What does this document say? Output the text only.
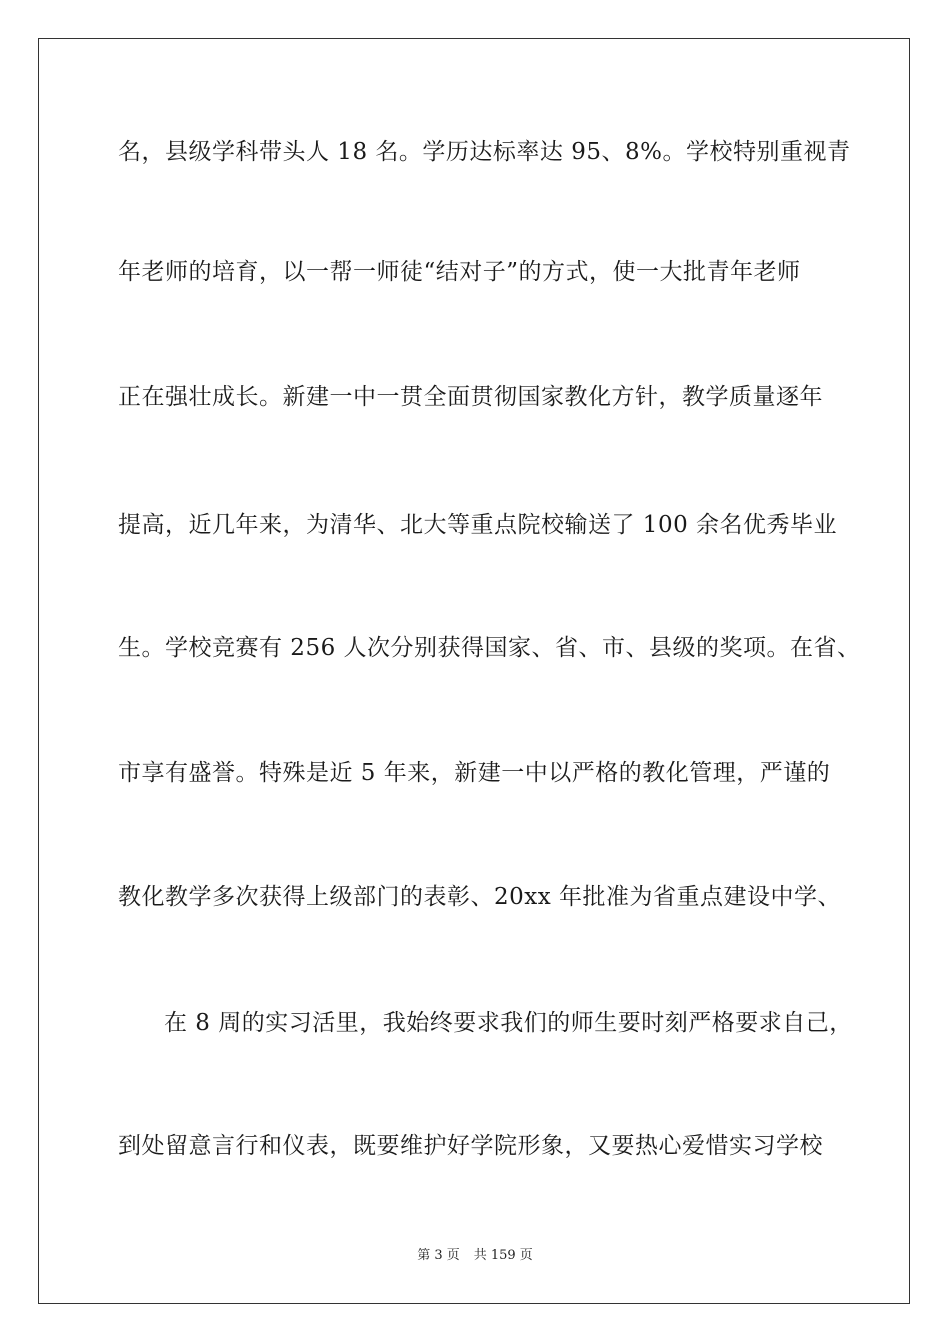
名，县级学科带头人 18 名。学历达标率达 95、8%。学校特别重视青
年老师的培育，以一帮一师徒“结对子”的方式，使一大批青年老师
正在强壮成长。新建一中一贯全面贯彻国家教化方针，教学质量逐年
提高，近几年来，为清华、北大等重点院校输送了 100 余名优秀毕业
生。学校竞赛有 256 人次分别获得国家、省、市、县级的奖项。在省、
市享有盛誉。特殊是近 5 年来，新建一中以严格的教化管理，严谨的
教化教学多次获得上级部门的表彰、20xx 年批准为省重点建设中学、
在 8 周的实习活里，我始终要求我们的师生要时刻严格要求自己，
到处留意言行和仪表，既要维护好学院形象，又要热心爱惜实习学校
第 3 页 共 159 页
